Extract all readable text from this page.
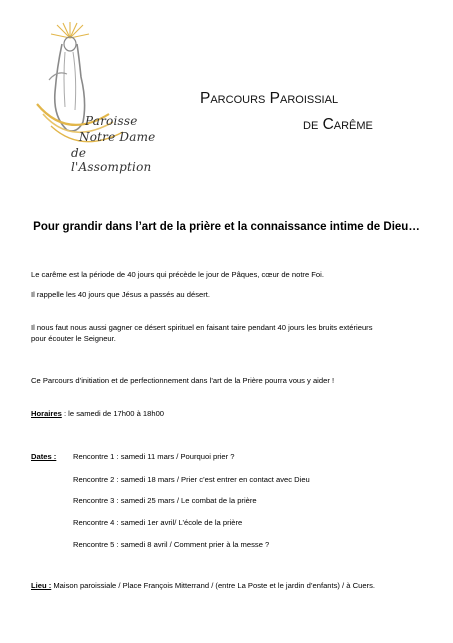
Paroisse
Notre Dame
de l'Assomption
Parcours Paroissial
de Carême
Pour grandir dans l’art de la prière et la connaissance intime de Dieu…
Le carême est la période de 40 jours qui précède le jour de Pâques, cœur de notre Foi.
Il rappelle les 40 jours que Jésus a passés au désert.
Il nous faut nous aussi gagner ce désert spirituel en faisant taire pendant 40 jours les bruits extérieurs
pour écouter le Seigneur.
Ce Parcours d’initiation et de perfectionnement dans l’art de la Prière pourra vous y aider !
Horaires : le samedi de 17h00 à 18h00
Dates : Rencontre 1 : samedi 11 mars / Pourquoi prier ?
Rencontre 2 : samedi 18 mars / Prier c’est entrer en contact avec Dieu
Rencontre 3 : samedi 25 mars / Le combat de la prière
Rencontre 4 : samedi 1er avril/ L’école de la prière
Rencontre 5 : samedi 8 avril / Comment prier à la messe ?
Lieu : Maison paroissiale / Place François Mitterrand / (entre La Poste et le jardin d’enfants) / à Cuers.
